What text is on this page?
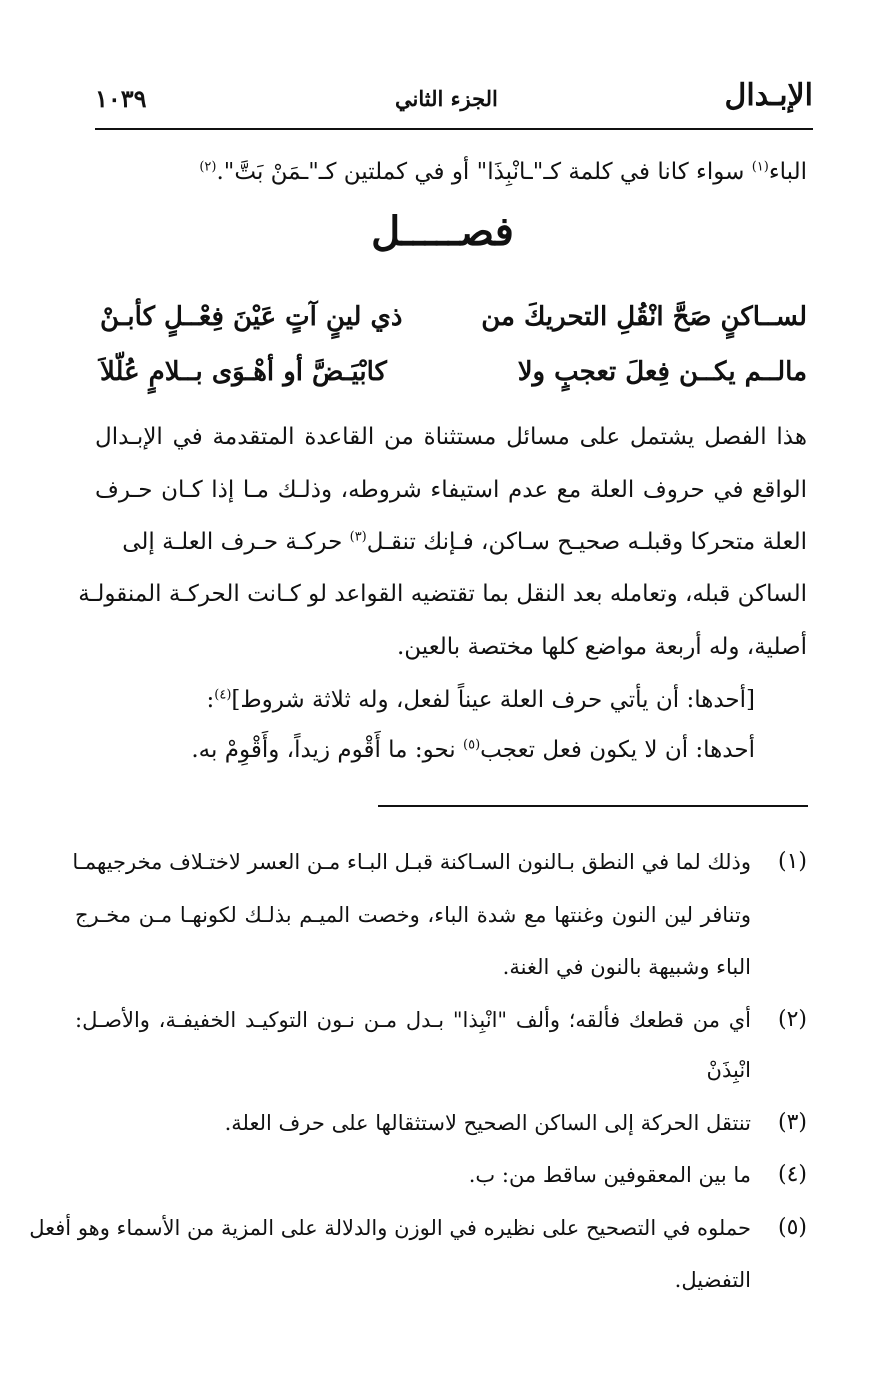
الإبـدال
الجزء الثاني
١٠٣٩
الباء$^{(١)}$ سواء كانا في كلمة كـ"ـانْبِذَا" أو في كملتين كـ"ـمَنْ بَتَّ".$^{(٢)}$
فصـــــل
لســاكنٍ صَحَّ انْقُلِ التحريكَ من
ذي لينٍ آتٍ عَيْنَ فِعْــلٍ كأبـنْ
مالــم يكــن فِعلَ تعجبٍ ولا
كابْيَـضَّ أو أهْـوَى بــلامٍ عُلّلاَ
هذا الفصل يشتمل على مسائل مستثناة من القاعدة المتقدمة في الإبـدال
الواقع في حروف العلة مع عدم استيفاء شروطه، وذلـك مـا إذا كـان حـرف
العلة متحركا وقبلـه صحيـح سـاكن، فـإنك تنقـل$^{(٣)}$ حركـة حـرف العلـة إلى
الساكن قبله، وتعامله بعد النقل بما تقتضيه القواعد لو كـانت الحركـة المنقولـة
أصلية، وله أربعة مواضع كلها مختصة بالعين.
[أحدها: أن يأتي حرف العلة عيناً لفعل، وله ثلاثة شروط]$^{(٤)}$:
أحدها: أن لا يكون فعل تعجب$^{(٥)}$ نحو: ما أَقْوم زيداً، وأَقْوِمْ به.
(١)
وذلك لما في النطق بـالنون السـاكنة قبـل البـاء مـن العسر لاختـلاف مخرجيهمـا
وتنافر لين النون وغنتها مع شدة الباء، وخصت الميـم بذلـك لكونهـا مـن مخـرج
الباء وشبيهة بالنون في الغنة.
(٢)
أي من قطعك فألقه؛ وألف "انْبِذا" بـدل مـن نـون التوكيـد الخفيفـة، والأصـل:
انْبِذَنْ
(٣)
تنتقل الحركة إلى الساكن الصحيح لاستثقالها على حرف العلة.
(٤)
ما بين المعقوفين ساقط من: ب.
(٥)
حملوه في التصحيح على نظيره في الوزن والدلالة على المزية من الأسماء وهو أفعل
التفضيل.
